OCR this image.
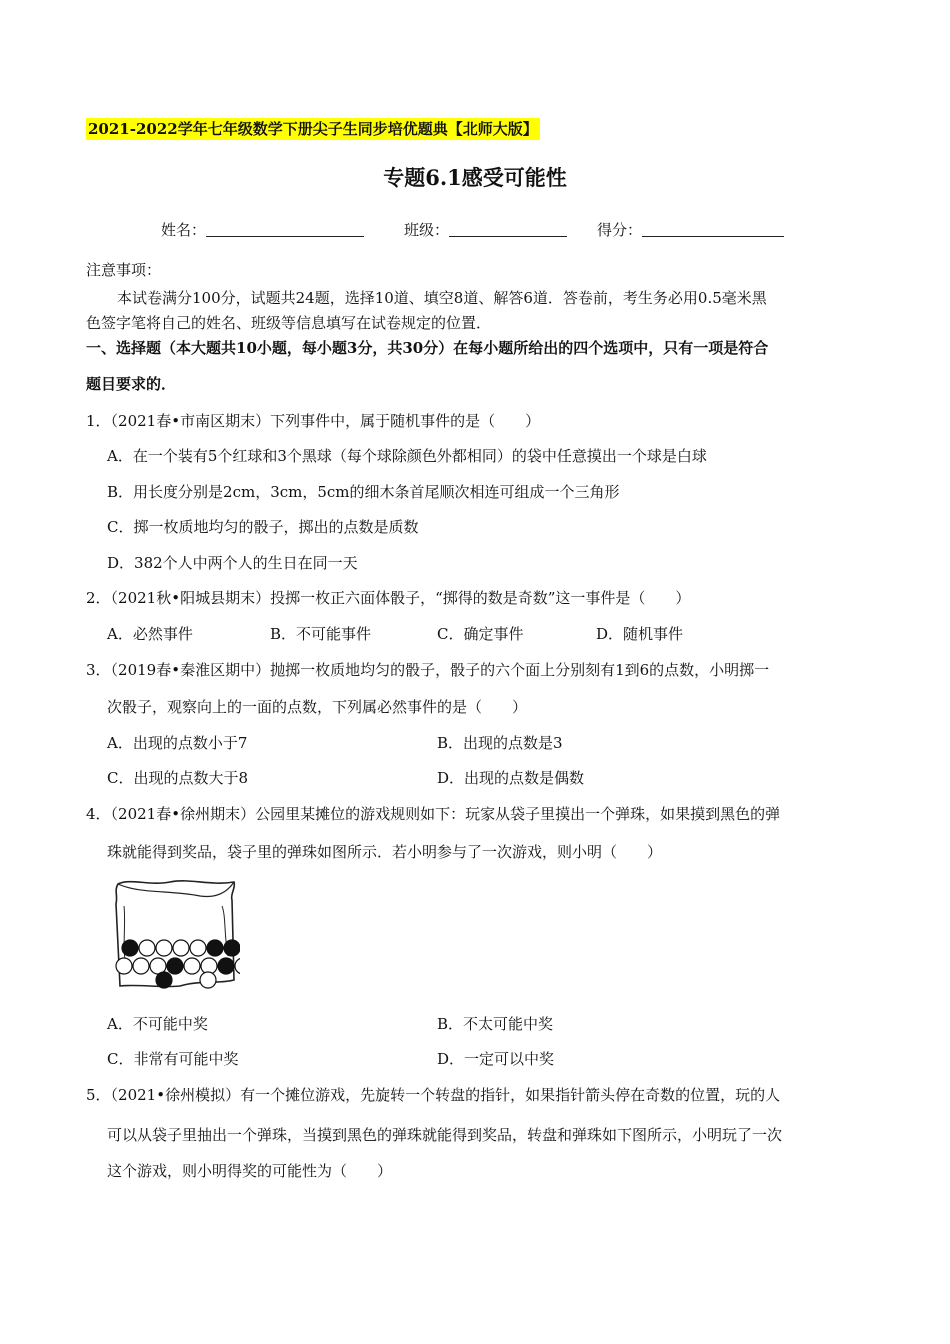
2021-2022学年七年级数学下册尖子生同步培优题典【北师大版】
专题6.1感受可能性
姓名：	班级：	得分：
注意事项：
本试卷满分100分，试题共24题，选择10道、填空8道、解答6道．答卷前，考生务必用0.5毫米黑
色签字笔将自己的姓名、班级等信息填写在试卷规定的位置．
一、选择题（本大题共10小题，每小题3分，共30分）在每小题所给出的四个选项中，只有一项是符合
题目要求的．
1．（2021春•市南区期末）下列事件中，属于随机事件的是（　　）
A．在一个装有5个红球和3个黑球（每个球除颜色外都相同）的袋中任意摸出一个球是白球
B．用长度分别是2cm，3cm，5cm的细木条首尾顺次相连可组成一个三角形
C．掷一枚质地均匀的骰子，掷出的点数是质数
D．382个人中两个人的生日在同一天
2．（2021秋•阳城县期末）投掷一枚正六面体骰子，“掷得的数是奇数”这一事件是（　　）
A．必然事件	B．不可能事件	C．确定事件	D．随机事件
3．（2019春•秦淮区期中）抛掷一枚质地均匀的骰子，骰子的六个面上分别刻有1到6的点数，小明掷一
次骰子，观察向上的一面的点数，下列属必然事件的是（　　）
A．出现的点数小于7	B．出现的点数是3
C．出现的点数大于8	D．出现的点数是偶数
4．（2021春•徐州期末）公园里某摊位的游戏规则如下：玩家从袋子里摸出一个弹珠，如果摸到黑色的弹
珠就能得到奖品，袋子里的弹珠如图所示．若小明参与了一次游戏，则小明（　　）
A．不可能中奖	B．不太可能中奖
C．非常有可能中奖	D．一定可以中奖
5．（2021•徐州模拟）有一个摊位游戏，先旋转一个转盘的指针，如果指针箭头停在奇数的位置，玩的人
可以从袋子里抽出一个弹珠，当摸到黑色的弹珠就能得到奖品，转盘和弹珠如下图所示，小明玩了一次
这个游戏，则小明得奖的可能性为（　　）
